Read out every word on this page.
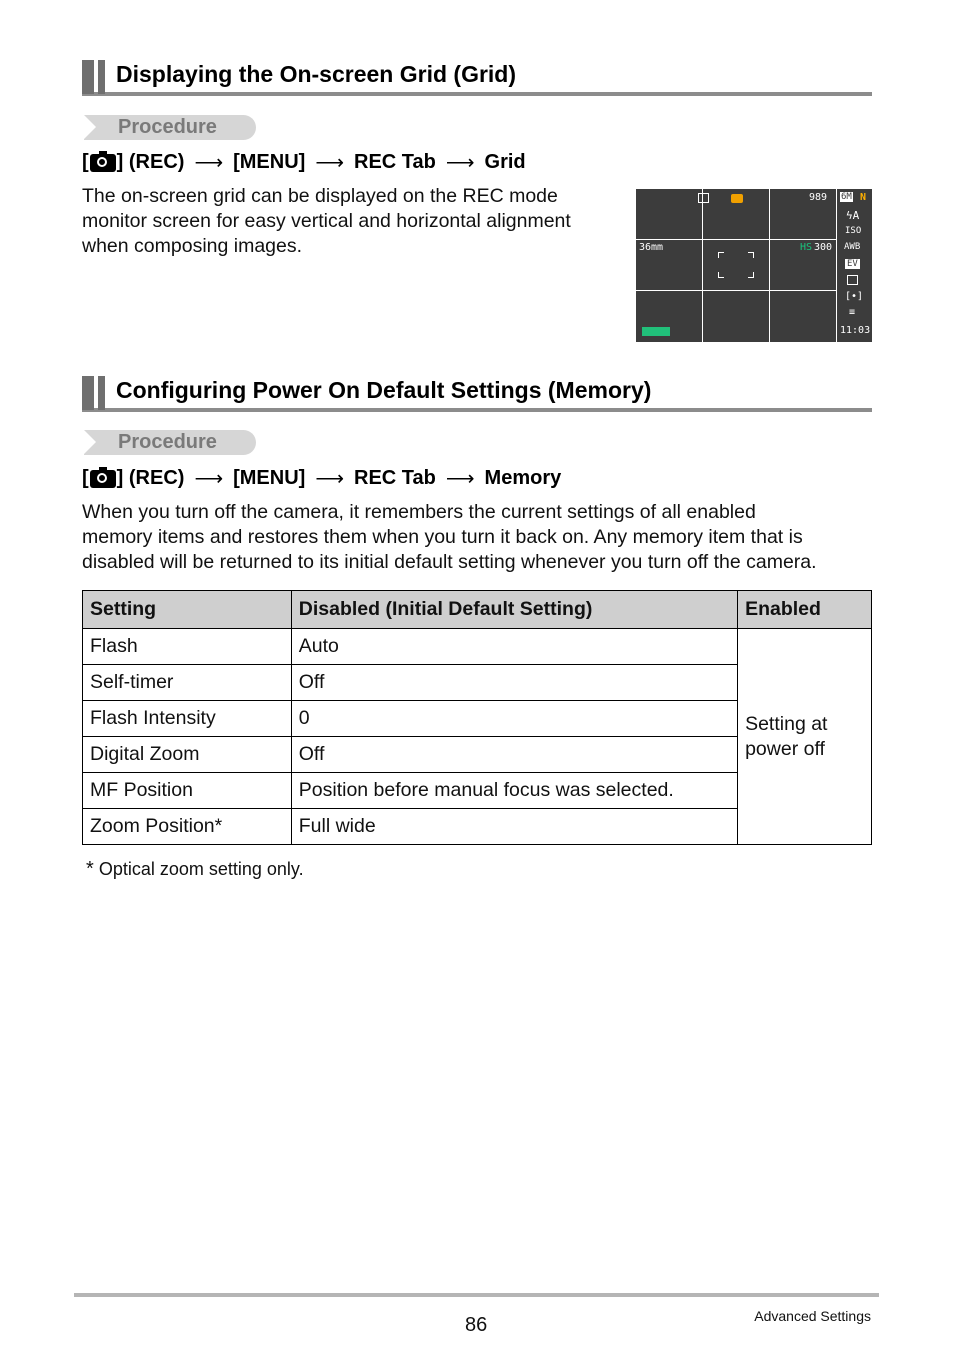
Displaying the On-screen Grid (Grid)
Procedure
[ ] (REC) ⟶ [MENU] ⟶ REC Tab ⟶ Grid
The on-screen grid can be displayed on the REC mode
monitor screen for easy vertical and horizontal alignment
when composing images.
989 6M N
ϟA
ISO
AWB
EV
[•]
≡
11:03
36mm	HS 300
Configuring Power On Default Settings (Memory)
Procedure
[ ] (REC) ⟶ [MENU] ⟶ REC Tab ⟶ Memory
When you turn off the camera, it remembers the current settings of all enabled
memory items and restores them when you turn it back on. Any memory item that is
disabled will be returned to its initial default setting whenever you turn off the camera.
Setting	Disabled (Initial Default Setting)	Enabled
Flash	Auto	Setting at
power off

Self-timer	Off	
Flash Intensity	0	
Digital Zoom	Off	
MF Position	Position before manual focus was selected.	
Zoom Position*	Full wide	
* Optical zoom setting only.
86	Advanced Settings
